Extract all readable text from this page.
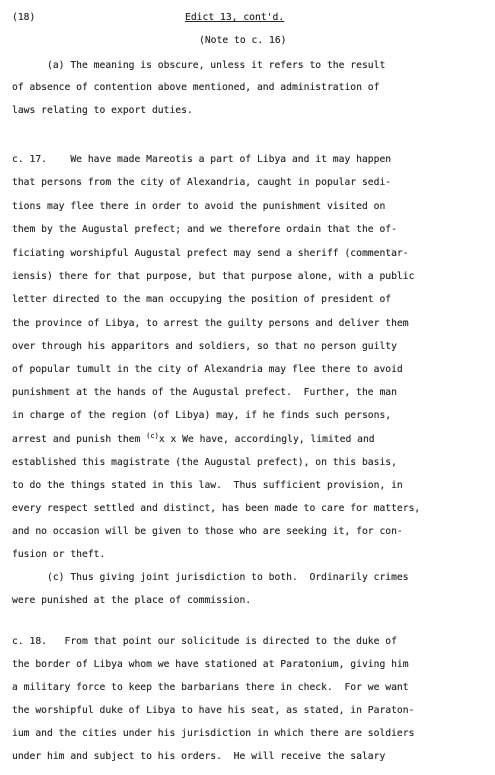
(18)	Edict 13, cont'd.
(Note to c. 16)
(a) The meaning is obscure, unless it refers to the result
of absence of contention above mentioned, and administration of
laws relating to export duties.
c. 17.    We have made Mareotis a part of Libya and it may happen
that persons from the city of Alexandria, caught in popular sedi-
tions may flee there in order to avoid the punishment visited on
them by the Augustal prefect; and we therefore ordain that the of-
ficiating worshipful Augustal prefect may send a sheriff (commentar-
iensis) there for that purpose, but that purpose alone, with a public
letter directed to the man occupying the position of president of
the province of Libya, to arrest the guilty persons and deliver them
over through his apparitors and soldiers, so that no person guilty
of popular tumult in the city of Alexandria may flee there to avoid
punishment at the hands of the Augustal prefect.  Further, the man
in charge of the region (of Libya) may, if he finds such persons,
arrest and punish them $^{(c)}$x x We have, accordingly, limited and
established this magistrate (the Augustal prefect), on this basis,
to do the things stated in this law.  Thus sufficient provision, in
every respect settled and distinct, has been made to care for matters,
and no occasion will be given to those who are seeking it, for con-
fusion or theft.
(c) Thus giving joint jurisdiction to both.  Ordinarily crimes
were punished at the place of commission.
c. 18.   From that point our solicitude is directed to the duke of
the border of Libya whom we have stationed at Paratonium, giving him
a military force to keep the barbarians there in check.  For we want
the worshipful duke of Libya to have his seat, as stated, in Paraton-
ium and the cities under his jurisdiction in which there are soldiers
under him and subject to his orders.  He will receive the salary
